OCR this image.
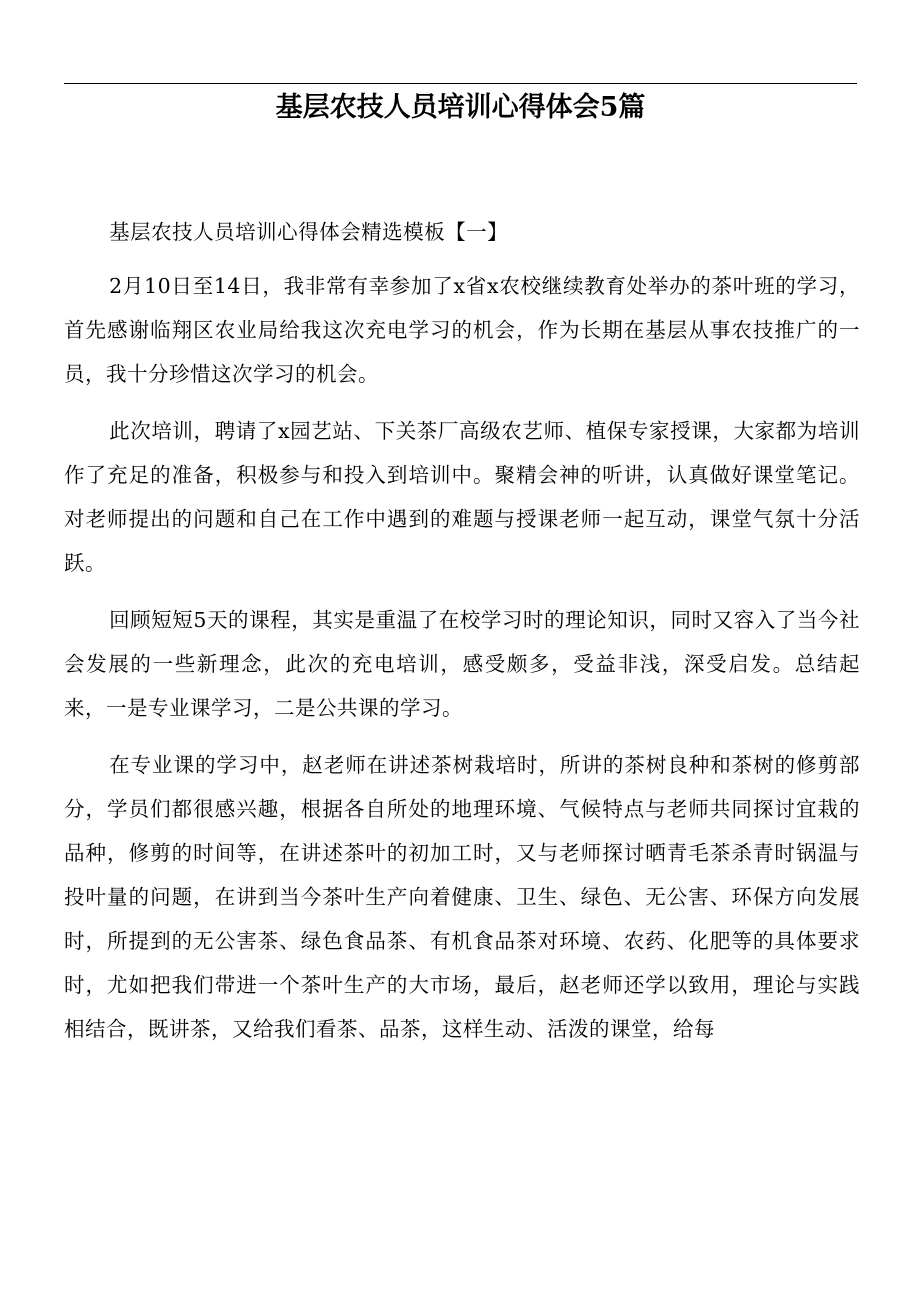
基层农技人员培训心得体会5篇

基层农技人员培训心得体会精选模板【一】

2月10日至14日，我非常有幸参加了x省x农校继续教育处举办的茶叶班的学习，首先感谢临翔区农业局给我这次充电学习的机会，作为长期在基层从事农技推广的一员，我十分珍惜这次学习的机会。

此次培训，聘请了x园艺站、下关茶厂高级农艺师、植保专家授课，大家都为培训作了充足的准备，积极参与和投入到培训中。聚精会神的听讲，认真做好课堂笔记。对老师提出的问题和自己在工作中遇到的难题与授课老师一起互动，课堂气氛十分活跃。

回顾短短5天的课程，其实是重温了在校学习时的理论知识，同时又容入了当今社会发展的一些新理念，此次的充电培训，感受颇多，受益非浅，深受启发。总结起来，一是专业课学习，二是公共课的学习。

在专业课的学习中，赵老师在讲述茶树栽培时，所讲的茶树良种和茶树的修剪部分，学员们都很感兴趣，根据各自所处的地理环境、气候特点与老师共同探讨宜栽的品种，修剪的时间等，在讲述茶叶的初加工时，又与老师探讨晒青毛茶杀青时锅温与投叶量的问题，在讲到当今茶叶生产向着健康、卫生、绿色、无公害、环保方向发展时，所提到的无公害茶、绿色食品茶、有机食品茶对环境、农药、化肥等的具体要求时，尤如把我们带进一个茶叶生产的大市场，最后，赵老师还学以致用，理论与实践相结合，既讲茶，又给我们看茶、品茶，这样生动、活泼的课堂，给每
